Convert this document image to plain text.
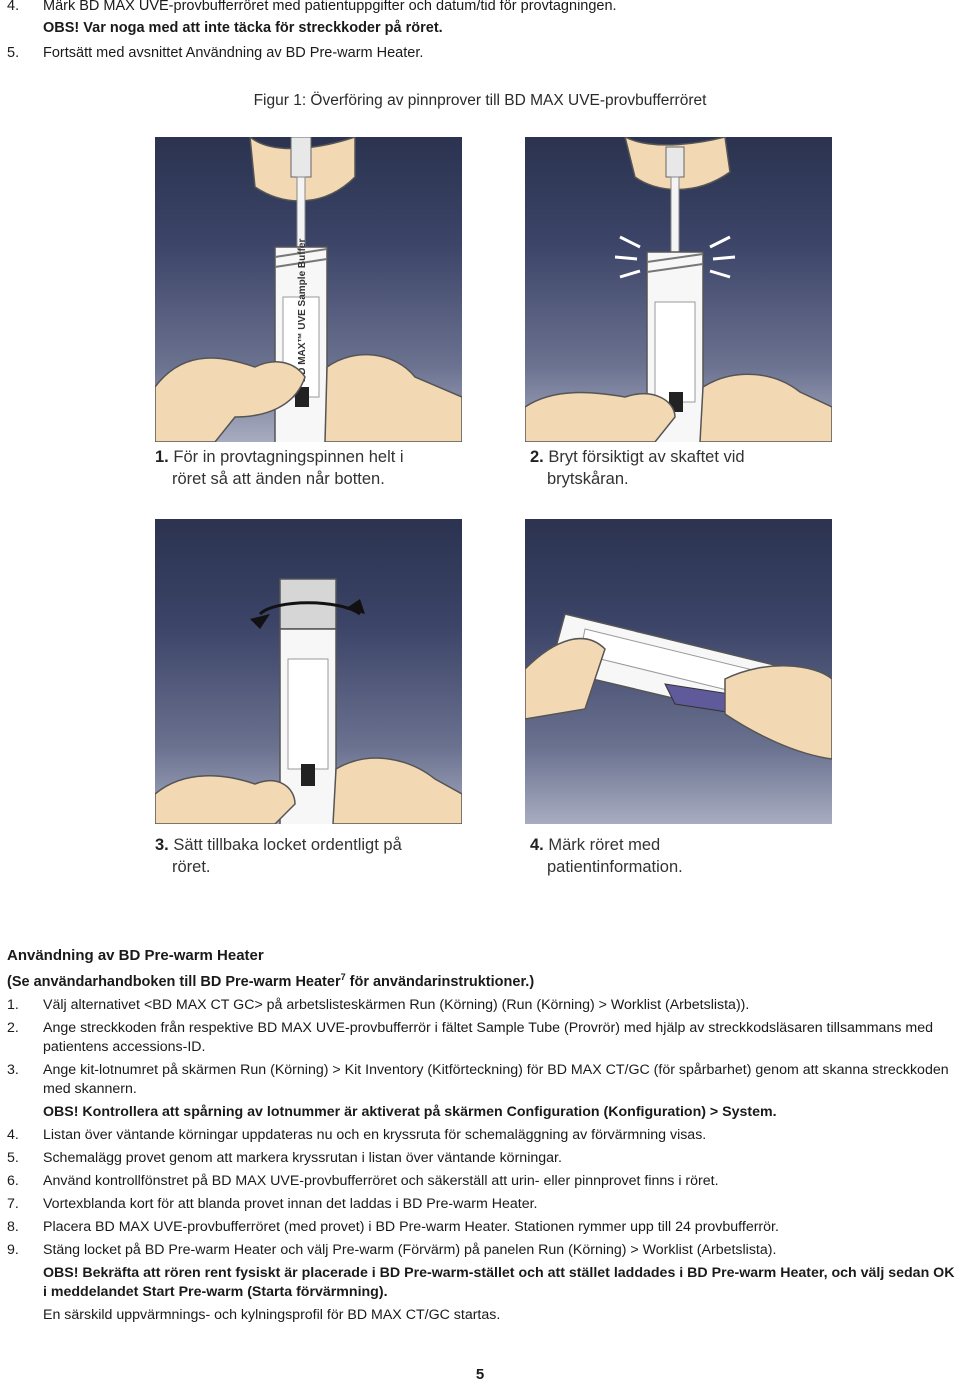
4. Märk BD MAX UVE-provbufferröret med patientuppgifter och datum/tid för provtagningen.
OBS! Var noga med att inte täcka för streckkoder på röret.
5. Fortsätt med avsnittet Användning av BD Pre-warm Heater.
Figur 1: Överföring av pinnprover till BD MAX UVE-provbufferröret
BD MAX™ UVE Sample Buffer
1. För in provtagningspinnen helt i
röret så att änden når botten.
2. Bryt försiktigt av skaftet vid
brytskåran.
3. Sätt tillbaka locket ordentligt på
röret.
4. Märk röret med
patientinformation.
Användning av BD Pre-warm Heater
(Se användarhandboken till BD Pre-warm Heater$^7$ för användarinstruktioner.)
1. Välj alternativet <BD MAX CT GC> på arbetslisteskärmen Run (Körning) (Run (Körning) > Worklist (Arbetslista)).
2. Ange streckkoden från respektive BD MAX UVE-provbufferrör i fältet Sample Tube (Provrör) med hjälp av streckkodsläsaren tillsammans med patientens accessions-ID.
3. Ange kit-lotnumret på skärmen Run (Körning) > Kit Inventory (Kitförteckning) för BD MAX CT/GC (för spårbarhet) genom att skanna streckkoden med skannern.
OBS! Kontrollera att spårning av lotnummer är aktiverat på skärmen Configuration (Konfiguration) > System.
4. Listan över väntande körningar uppdateras nu och en kryssruta för schemaläggning av förvärmning visas.
5. Schemalägg provet genom att markera kryssrutan i listan över väntande körningar.
6. Använd kontrollfönstret på BD MAX UVE-provbufferröret och säkerställ att urin- eller pinnprovet finns i röret.
7. Vortexblanda kort för att blanda provet innan det laddas i BD Pre-warm Heater.
8. Placera BD MAX UVE-provbufferröret (med provet) i BD Pre-warm Heater. Stationen rymmer upp till 24 provbufferrör.
9. Stäng locket på BD Pre-warm Heater och välj Pre-warm (Förvärm) på panelen Run (Körning) > Worklist (Arbetslista).
OBS! Bekräfta att rören rent fysiskt är placerade i BD Pre-warm-stället och att stället laddades i BD Pre-warm Heater, och välj sedan OK i meddelandet Start Pre-warm (Starta förvärmning).
En särskild uppvärmnings- och kylningsprofil för BD MAX CT/GC startas.
5
